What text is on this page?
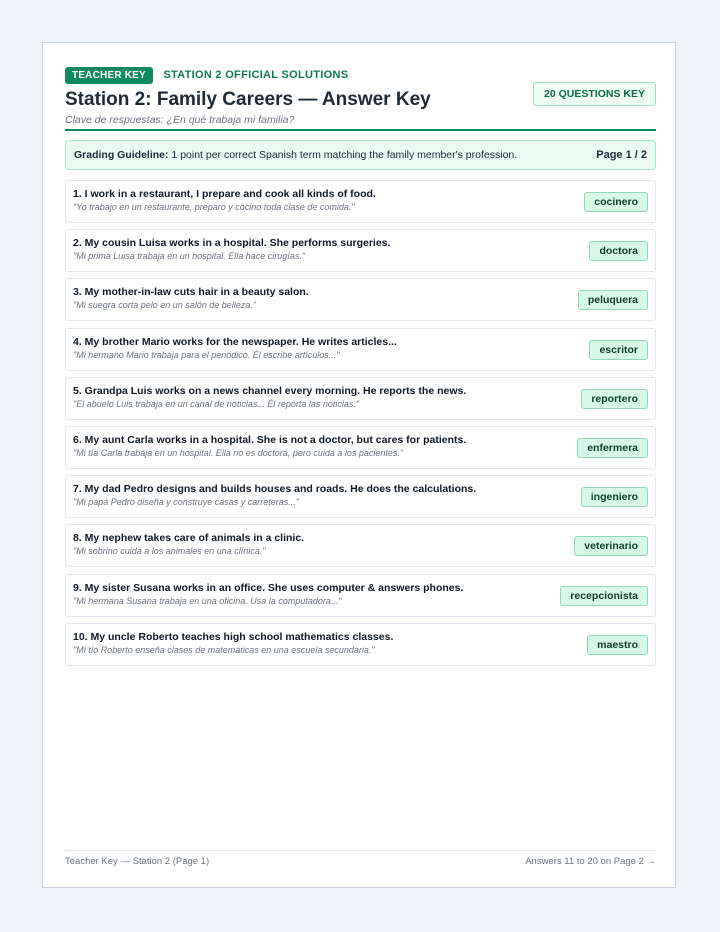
TEACHER KEY STATION 2 OFFICIAL SOLUTIONS
Station 2: Family Careers — Answer Key
Clave de respuestas: ¿En qué trabaja mi familia?
20 QUESTIONS KEY
Grading Guideline: 1 point per correct Spanish term matching the family member's profession.	Page 1 / 2
1. I work in a restaurant, I prepare and cook all kinds of food.
"Yo trabajo en un restaurante, preparo y cocino toda clase de comida."	cocinero
2. My cousin Luisa works in a hospital. She performs surgeries.
"Mi prima Luisa trabaja en un hospital. Ella hace cirugías."	doctora
3. My mother-in-law cuts hair in a beauty salon.
"Mi suegra corta pelo en un salón de belleza."	peluquera
4. My brother Mario works for the newspaper. He writes articles...
"Mi hermano Mario trabaja para el periódico. Él escribe artículos..."	escritor
5. Grandpa Luis works on a news channel every morning. He reports the news.
"El abuelo Luis trabaja en un canal de noticias... Él reporta las noticias."	reportero
6. My aunt Carla works in a hospital. She is not a doctor, but cares for patients.
"Mi tía Carla trabaja en un hospital. Ella no es doctora, pero cuida a los pacientes."	enfermera
7. My dad Pedro designs and builds houses and roads. He does the calculations.
"Mi papá Pedro diseña y construye casas y carreteras..."	ingeniero
8. My nephew takes care of animals in a clinic.
"Mi sobrino cuida a los animales en una clínica."	veterinario
9. My sister Susana works in an office. She uses computer & answers phones.
"Mi hermana Susana trabaja en una oficina. Usa la computadora..."	recepcionista
10. My uncle Roberto teaches high school mathematics classes.
"Mi tío Roberto enseña clases de matemáticas en una escuela secundaria."	maestro
Teacher Key — Station 2 (Page 1)	Answers 11 to 20 on Page 2 →
